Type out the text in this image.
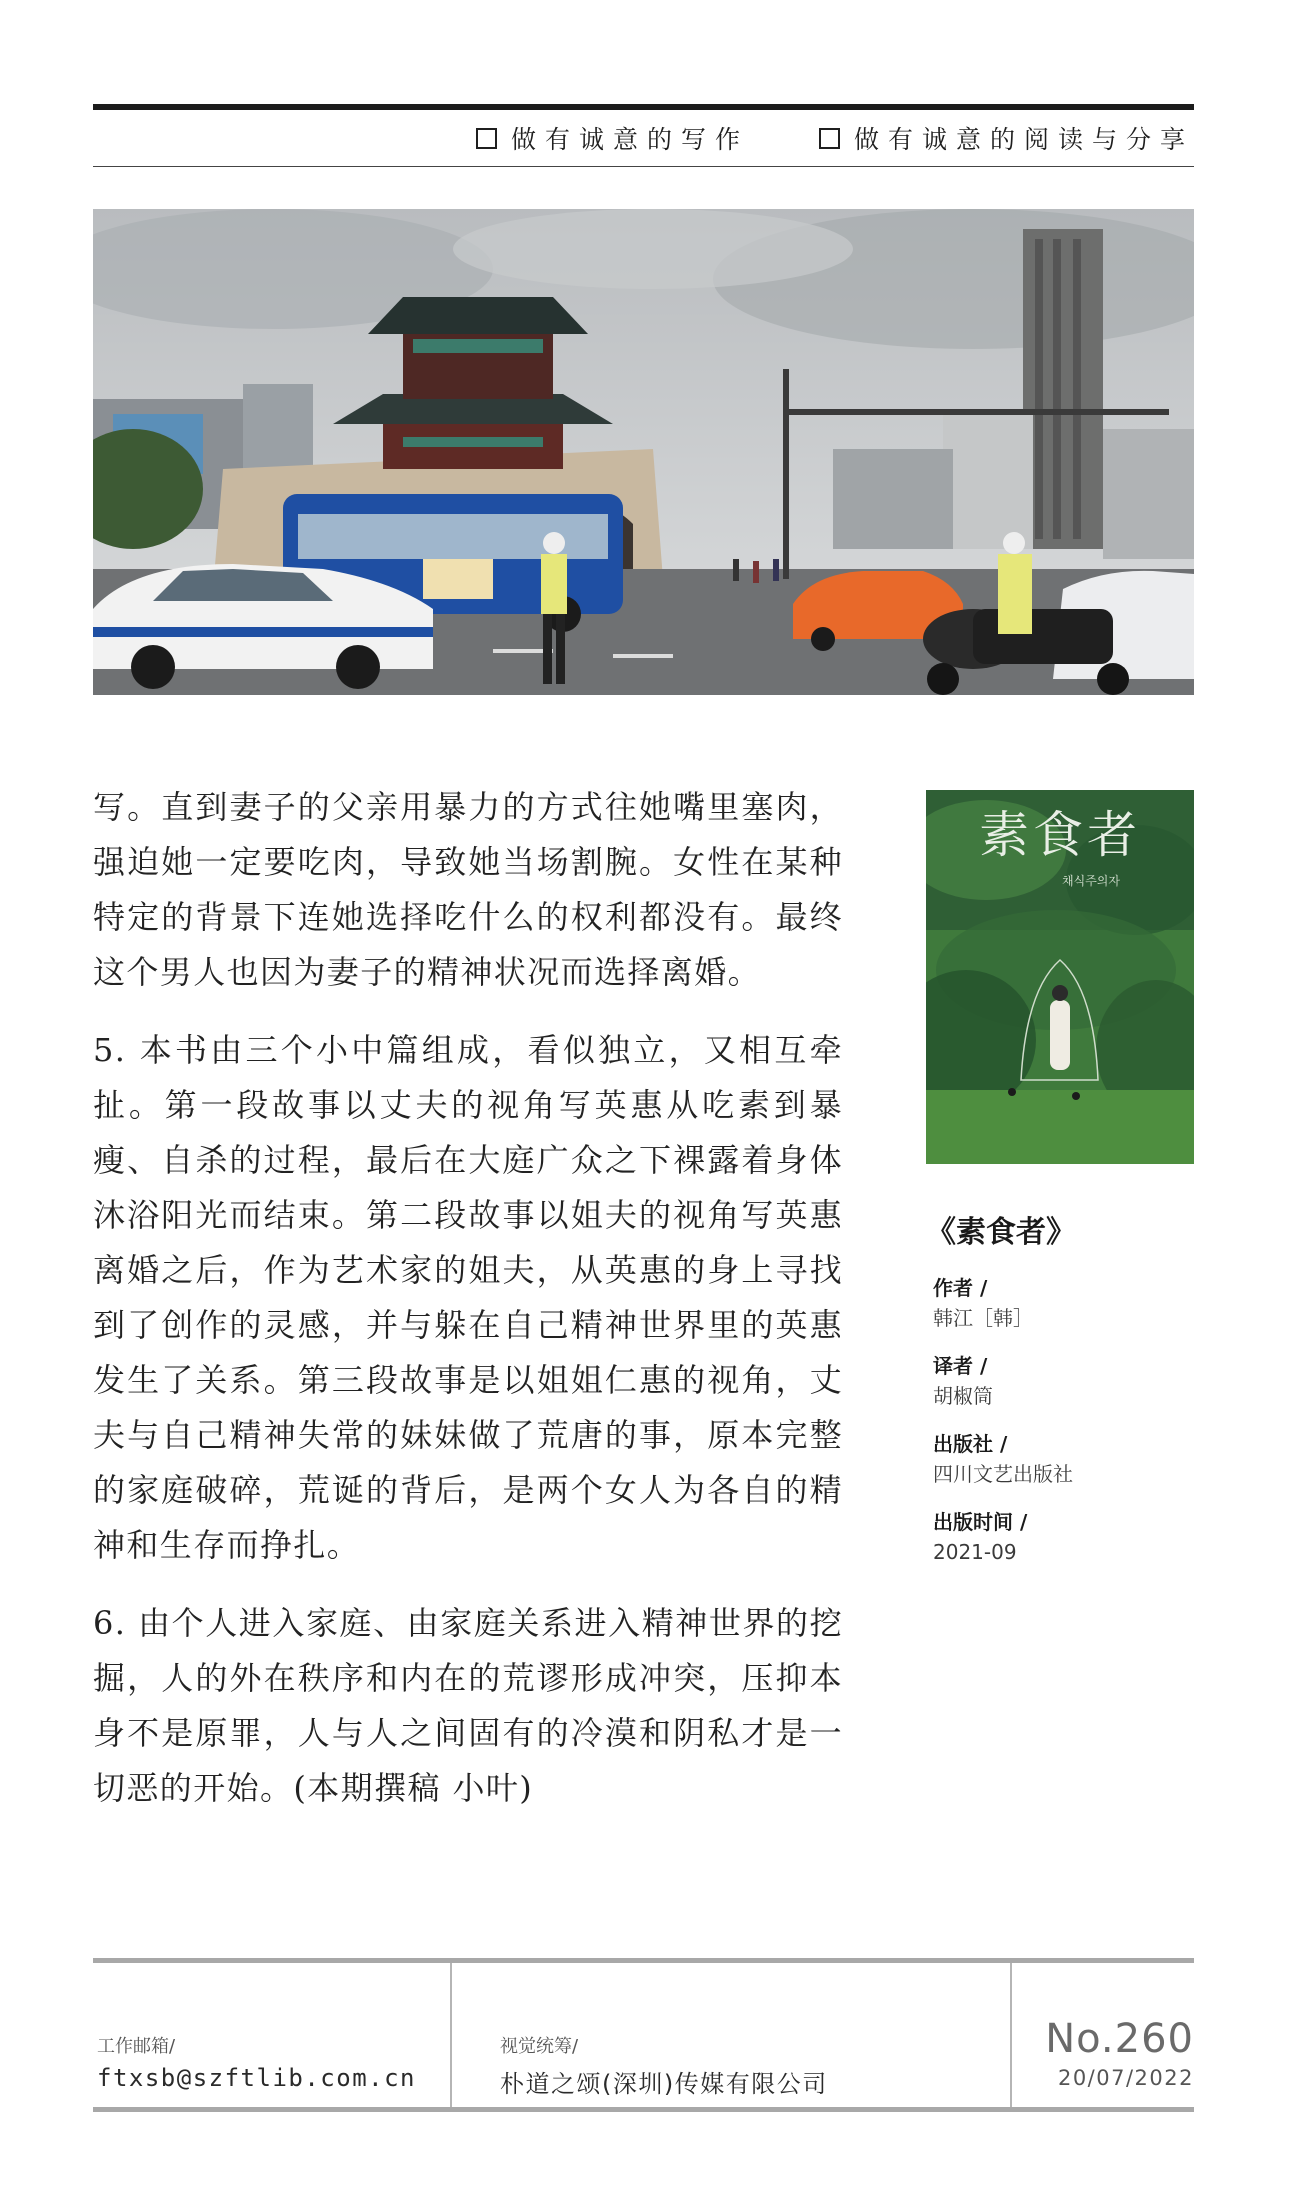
做有诚意的写作	做有诚意的阅读与分享

写。直到妻子的父亲用暴力的方式往她嘴里塞肉，强迫她一定要吃肉，导致她当场割腕。女性在某种特定的背景下连她选择吃什么的权利都没有。最终这个男人也因为妻子的精神状况而选择离婚。

5. 本书由三个小中篇组成，看似独立，又相互牵扯。第一段故事以丈夫的视角写英惠从吃素到暴瘦、自杀的过程，最后在大庭广众之下裸露着身体沐浴阳光而结束。第二段故事以姐夫的视角写英惠离婚之后，作为艺术家的姐夫，从英惠的身上寻找到了创作的灵感，并与躲在自己精神世界里的英惠发生了关系。第三段故事是以姐姐仁惠的视角，丈夫与自己精神失常的妹妹做了荒唐的事，原本完整的家庭破碎，荒诞的背后，是两个女人为各自的精神和生存而挣扎。

6. 由个人进入家庭、由家庭关系进入精神世界的挖掘，人的外在秩序和内在的荒谬形成冲突，压抑本身不是原罪，人与人之间固有的冷漠和阴私才是一切恶的开始。(本期撰稿 小叶)

素食者
채식주의자
《素食者》
作者 /
韩江［韩］
译者 /
胡椒筒
出版社 /
四川文艺出版社
出版时间 /
2021-09
工作邮箱/
ftxsb@szftlib.com.cn
视觉统筹/
朴道之颂(深圳)传媒有限公司
No.260
20/07/2022
